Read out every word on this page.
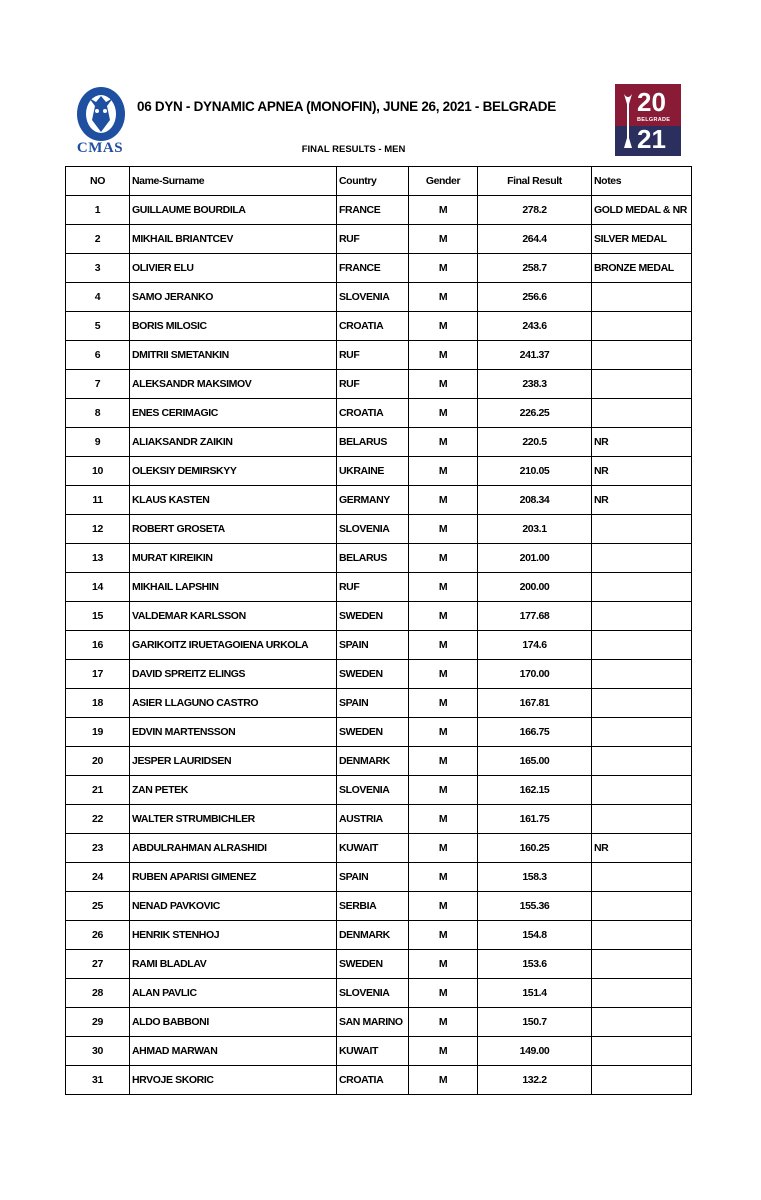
CMAS
06 DYN - DYNAMIC APNEA (MONOFIN), JUNE 26, 2021 - BELGRADE
FINAL RESULTS - MEN
20
BELGRADE
21
NO	Name-Surname	Country	Gender	Final Result	Notes
1	GUILLAUME BOURDILA	FRANCE	M	278.2	GOLD MEDAL & NR
2	MIKHAIL BRIANTCEV	RUF	M	264.4	SILVER MEDAL
3	OLIVIER ELU	FRANCE	M	258.7	BRONZE MEDAL
4	SAMO JERANKO	SLOVENIA	M	256.6	
5	BORIS MILOSIC	CROATIA	M	243.6	
6	DMITRII SMETANKIN	RUF	M	241.37	
7	ALEKSANDR MAKSIMOV	RUF	M	238.3	
8	ENES CERIMAGIC	CROATIA	M	226.25	
9	ALIAKSANDR ZAIKIN	BELARUS	M	220.5	NR
10	OLEKSIY DEMIRSKYY	UKRAINE	M	210.05	NR
11	KLAUS KASTEN	GERMANY	M	208.34	NR
12	ROBERT GROSETA	SLOVENIA	M	203.1	
13	MURAT KIREIKIN	BELARUS	M	201.00	
14	MIKHAIL LAPSHIN	RUF	M	200.00	
15	VALDEMAR KARLSSON	SWEDEN	M	177.68	
16	GARIKOITZ IRUETAGOIENA URKOLA	SPAIN	M	174.6	
17	DAVID SPREITZ ELINGS	SWEDEN	M	170.00	
18	ASIER LLAGUNO CASTRO	SPAIN	M	167.81	
19	EDVIN MARTENSSON	SWEDEN	M	166.75	
20	JESPER LAURIDSEN	DENMARK	M	165.00	
21	ZAN PETEK	SLOVENIA	M	162.15	
22	WALTER STRUMBICHLER	AUSTRIA	M	161.75	
23	ABDULRAHMAN ALRASHIDI	KUWAIT	M	160.25	NR
24	RUBEN APARISI GIMENEZ	SPAIN	M	158.3	
25	NENAD PAVKOVIC	SERBIA	M	155.36	
26	HENRIK STENHOJ	DENMARK	M	154.8	
27	RAMI BLADLAV	SWEDEN	M	153.6	
28	ALAN PAVLIC	SLOVENIA	M	151.4	
29	ALDO BABBONI	SAN MARINO	M	150.7	
30	AHMAD MARWAN	KUWAIT	M	149.00	
31	HRVOJE SKORIC	CROATIA	M	132.2	
